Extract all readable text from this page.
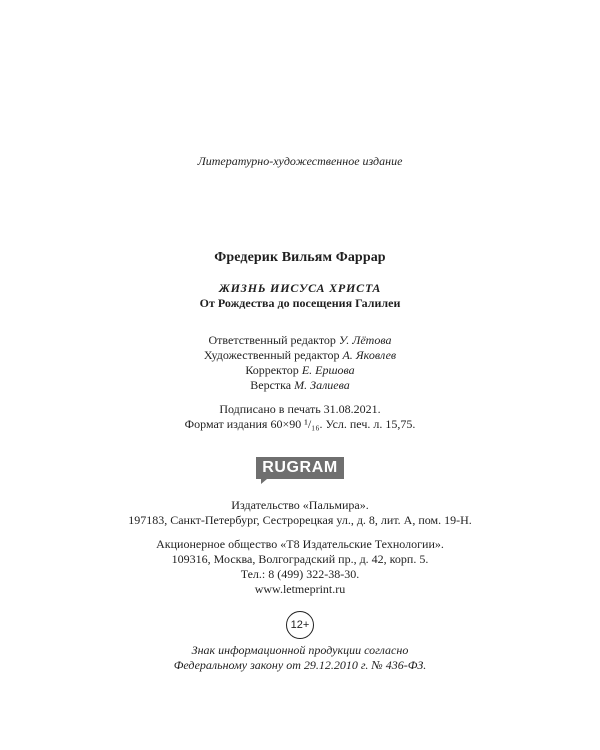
Литературно-художественное издание
Фредерик Вильям Фаррар
ЖИЗНЬ ИИСУСА ХРИСТА
От Рождества до посещения Галилеи
Ответственный редактор У. Лётова
Художественный редактор А. Яковлев
Корректор Е. Ершова
Верстка М. Залиева
Подписано в печать 31.08.2021.
Формат издания 60×90 ¹/₁₆. Усл. печ. л. 15,75.
RUGRAM
Издательство «Пальмира».
197183, Санкт-Петербург, Сестрорецкая ул., д. 8, лит. А, пом. 19-Н.
Акционерное общество «Т8 Издательские Технологии».
109316, Москва, Волгоградский пр., д. 42, корп. 5.
Тел.: 8 (499) 322-38-30.
www.letmeprint.ru
12+
Знак информационной продукции согласно
Федеральному закону от 29.12.2010 г. № 436-ФЗ.
